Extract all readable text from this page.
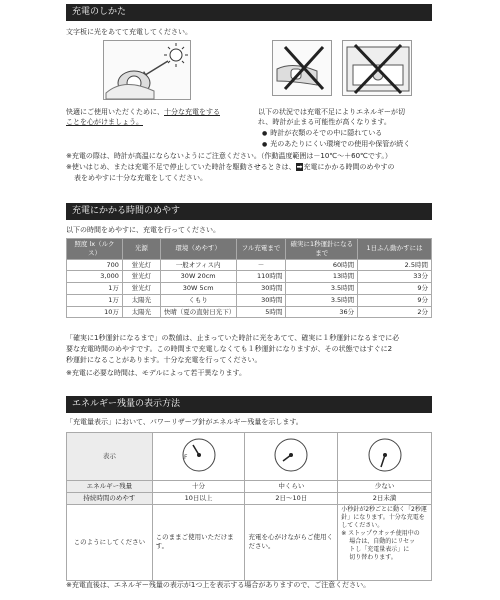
充電のしかた
文字板に光をあてて充電してください。
快適にご使用いただくために、十分な充電をする
ことを心がけましょう。
以下の状況では充電不足によりエネルギーが切
れ、時計が止まる可能性が高くなります。
● 時計が衣類のそでの中に隠れている
● 光のあたりにくい環境での使用や保管が続く
※充電の際は、時計が高温にならないようにご注意ください。（作動温度範囲は－10℃～＋60℃です。）
※使いはじめ、または充電不足で停止していた時計を駆動させるときは、➡充電にかかる時間のめやすの
表をめやすに十分な充電をしてください。
充電にかかる時間のめやす
以下の時間をめやすに、充電を行ってください。
照度 lx（ルクス）	光源	環境（めやす）	フル充電まで	確実に1秒運針になるまで	1日ふん動かすには
700	蛍光灯	一般オフィス内	－	60時間	2.5時間
3,000	蛍光灯	30W 20cm	110時間	13時間	33分
1万	蛍光灯	30W 5cm	30時間	3.5時間	9分
1万	太陽光	くもり	30時間	3.5時間	9分
10万	太陽光	快晴（夏の直射日光下）	5時間	36分	2分
「確実に1秒運針になるまで」の数値は、止まっていた時計に光をあてて、確実に１秒運針になるまでに必
要な充電時間のめやすです。この時間まで充電しなくても１秒運針になりますが、その状態ではすぐに2
秒運針になることがあります。十分な充電を行ってください。
※充電に必要な時間は、モデルによって若干異なります。
エネルギー残量の表示方法
「充電量表示」において、パワーリザーブ針がエネルギー残量を示します。
表示	F

エネルギー残量	十分	中くらい	少ない
持続時間のめやす	10日以上	2日～10日	2日未満
このようにしてください	このままご使用いただけます。	充電を心がけながらご使用ください。	小秒針が2秒ごとに動く「2秒運針」になります。十分な充電をしてください。
※ ストップウオッチ使用中の
場合は、自動的にリセッ
トし「充電量表示」に
切り替わります。
※充電直後は、エネルギー残量の表示が1つ上を表示する場合がありますので、ご注意ください。
